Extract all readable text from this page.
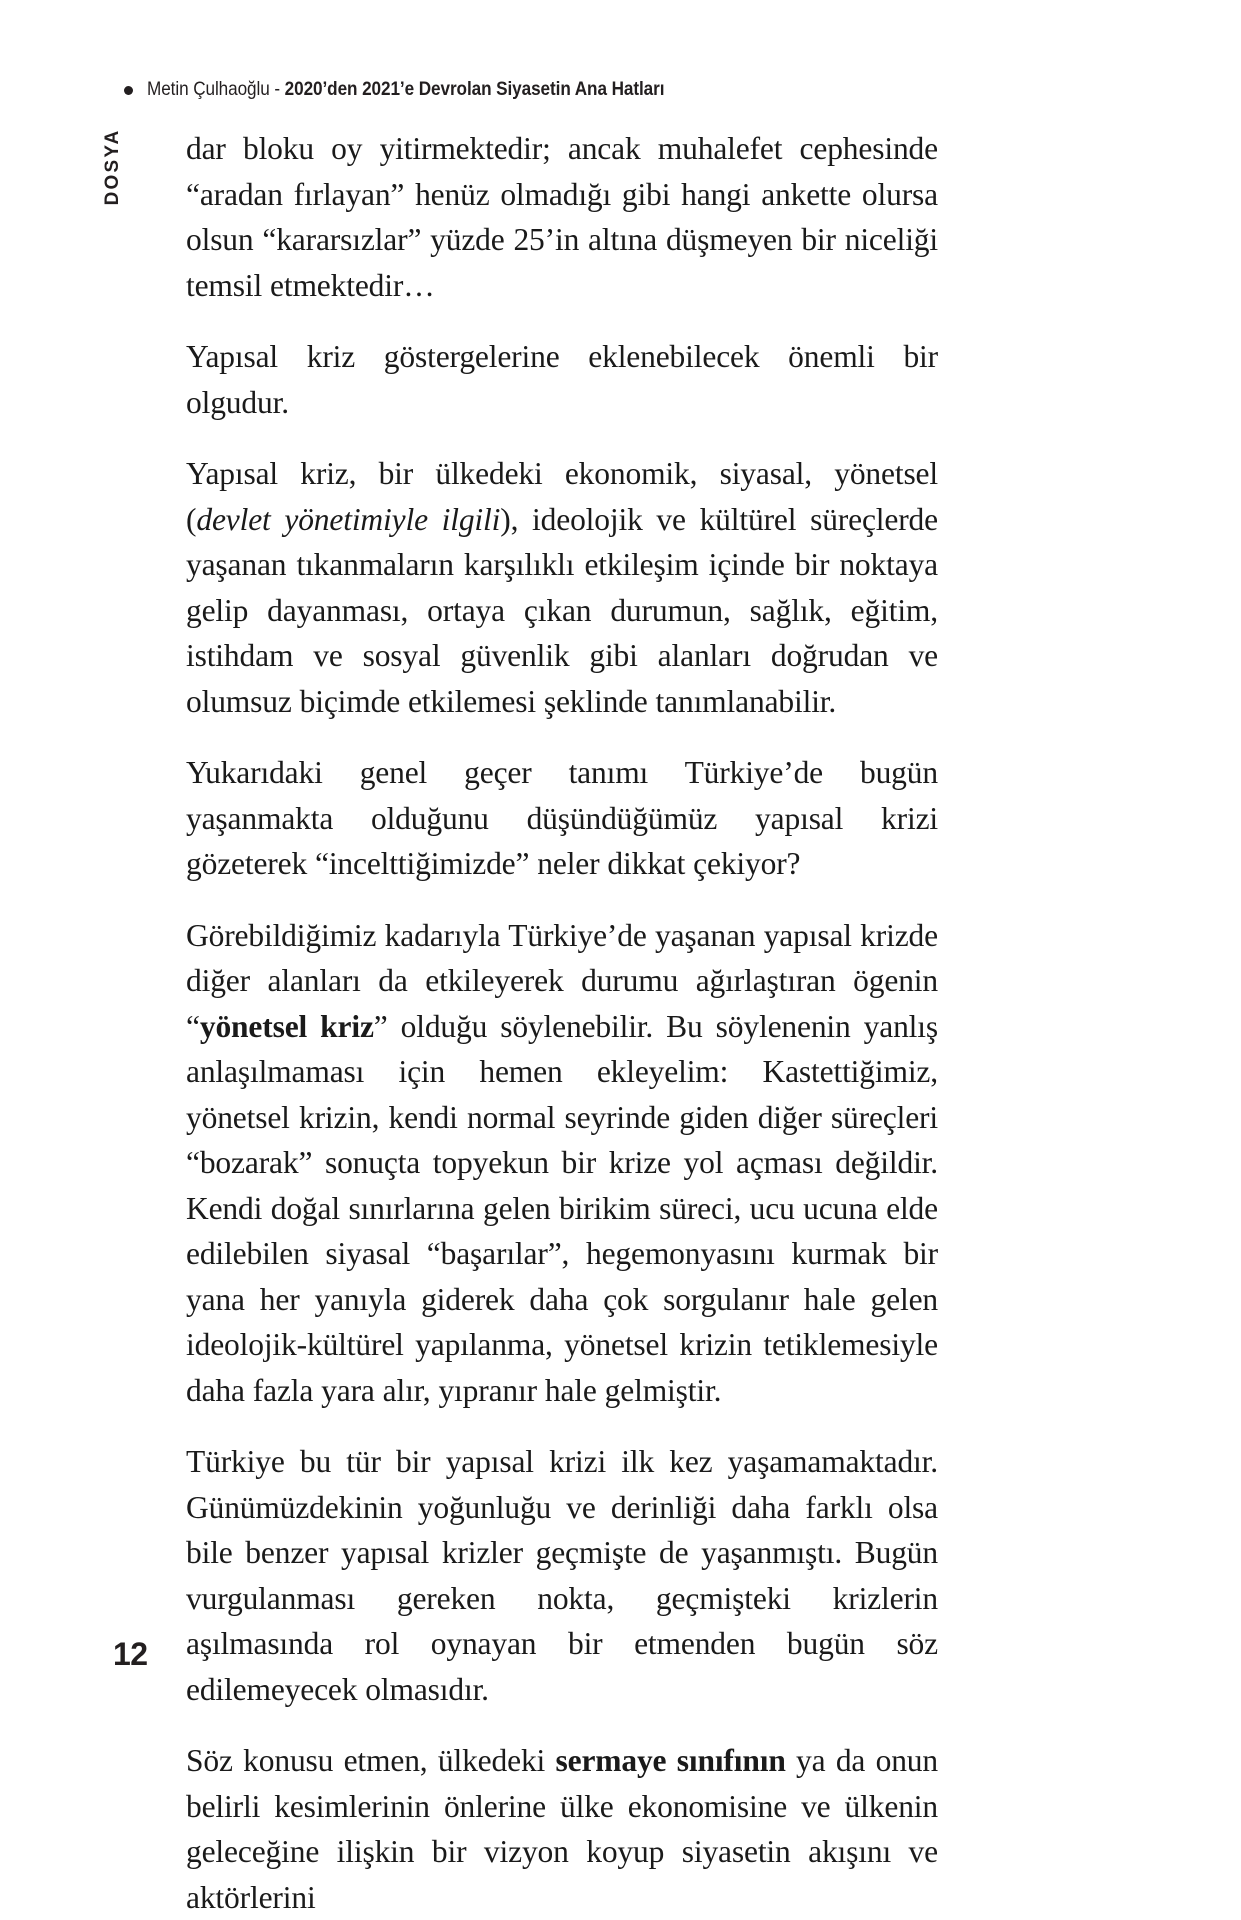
Metin Çulhaoğlu - 2020’den 2021’e Devrolan Siyasetin Ana Hatları
DOSYA dar bloku oy yitirmektedir; ancak muhalefet cephesinde “aradan fırlayan” henüz olmadığı gibi hangi ankette olursa olsun “kararsızlar” yüzde 25’in altına düşmeyen bir niceliği temsil etmektedir…

Yapısal kriz göstergelerine eklenebilecek önemli bir olgudur.

Yapısal kriz, bir ülkedeki ekonomik, siyasal, yönetsel (devlet yönetimiyle ilgili), ideolojik ve kültürel süreçlerde yaşanan tıkanmaların karşılıklı etkileşim içinde bir noktaya gelip dayanması, ortaya çıkan durumun, sağlık, eğitim, istihdam ve sosyal güvenlik gibi alanları doğrudan ve olumsuz biçimde etkilemesi şeklinde tanımlanabilir.

Yukarıdaki genel geçer tanımı Türkiye’de bugün yaşanmakta olduğunu düşündüğümüz yapısal krizi gözeterek “incelttiğimizde” neler dikkat çekiyor?

Görebildiğimiz kadarıyla Türkiye’de yaşanan yapısal krizde diğer alanları da etkileyerek durumu ağırlaştıran ögenin “yönetsel kriz” olduğu söylenebilir. Bu söylenenin yanlış anlaşılmaması için hemen ekleyelim: Kastettiğimiz, yönetsel krizin, kendi normal seyrinde giden diğer süreçleri “bozarak” sonuçta topyekun bir krize yol açması değildir. Kendi doğal sınırlarına gelen birikim süreci, ucu ucuna elde edilebilen siyasal “başarılar”, hegemonyasını kurmak bir yana her yanıyla giderek daha çok sorgulanır hale gelen ideolojik-kültürel yapılanma, yönetsel krizin tetiklemesiyle daha fazla yara alır, yıpranır hale gelmiştir.

Türkiye bu tür bir yapısal krizi ilk kez yaşamamaktadır. Günümüzdekinin yoğunluğu ve derinliği daha farklı olsa bile benzer yapısal krizler geçmişte de yaşanmıştı. Bugün vurgulanması gereken nokta, geçmişteki krizlerin aşılmasında rol oynayan bir etmenden bugün söz edilemeyecek olmasıdır.

Söz konusu etmen, ülkedeki sermaye sınıfının ya da onun belirli kesimlerinin önlerine ülke ekonomisine ve ülkenin geleceğine ilişkin bir vizyon koyup siyasetin akışını ve aktörlerini

12
